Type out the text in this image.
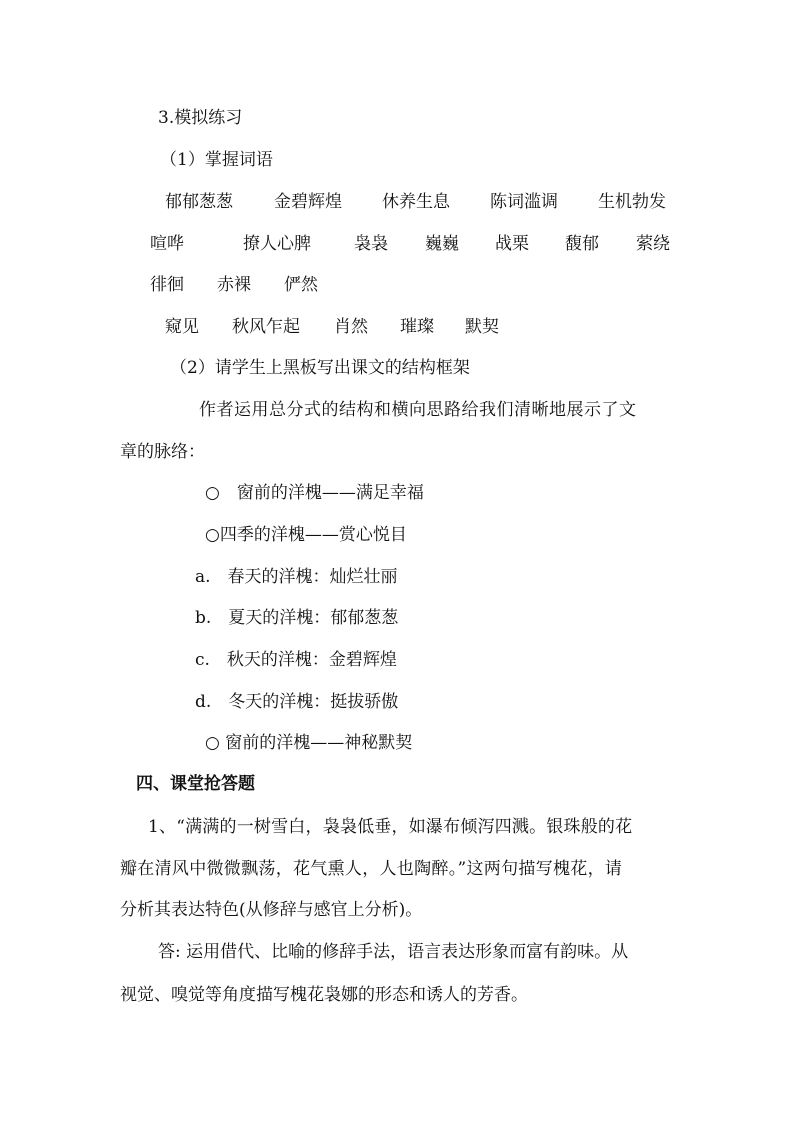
3.模拟练习
（1）掌握词语
郁郁葱葱 金碧辉煌 休养生息 陈词滥调 生机勃发
喧哗	撩人心脾	袅袅 巍巍 战栗 馥郁 萦绕
徘徊 赤裸 俨然
窥见 秋风乍起 肖然 璀璨 默契
（2）请学生上黑板写出课文的结构框架
作者运用总分式的结构和横向思路给我们清晰地展示了文
章的脉络：
○　窗前的洋槐——满足幸福
○四季的洋槐——赏心悦目
a.　春天的洋槐：灿烂壮丽
b.　夏天的洋槐：郁郁葱葱
c.　秋天的洋槐：金碧辉煌
d.　冬天的洋槐：挺拔骄傲
○ 窗前的洋槐——神秘默契
四、课堂抢答题
1、“满满的一树雪白，袅袅低垂，如瀑布倾泻四溅。银珠般的花
瓣在清风中微微飘荡，花气熏人，人也陶醉。”这两句描写槐花，请
分析其表达特色(从修辞与感官上分析)。
答: 运用借代、比喻的修辞手法，语言表达形象而富有韵味。从
视觉、嗅觉等角度描写槐花袅娜的形态和诱人的芳香。
